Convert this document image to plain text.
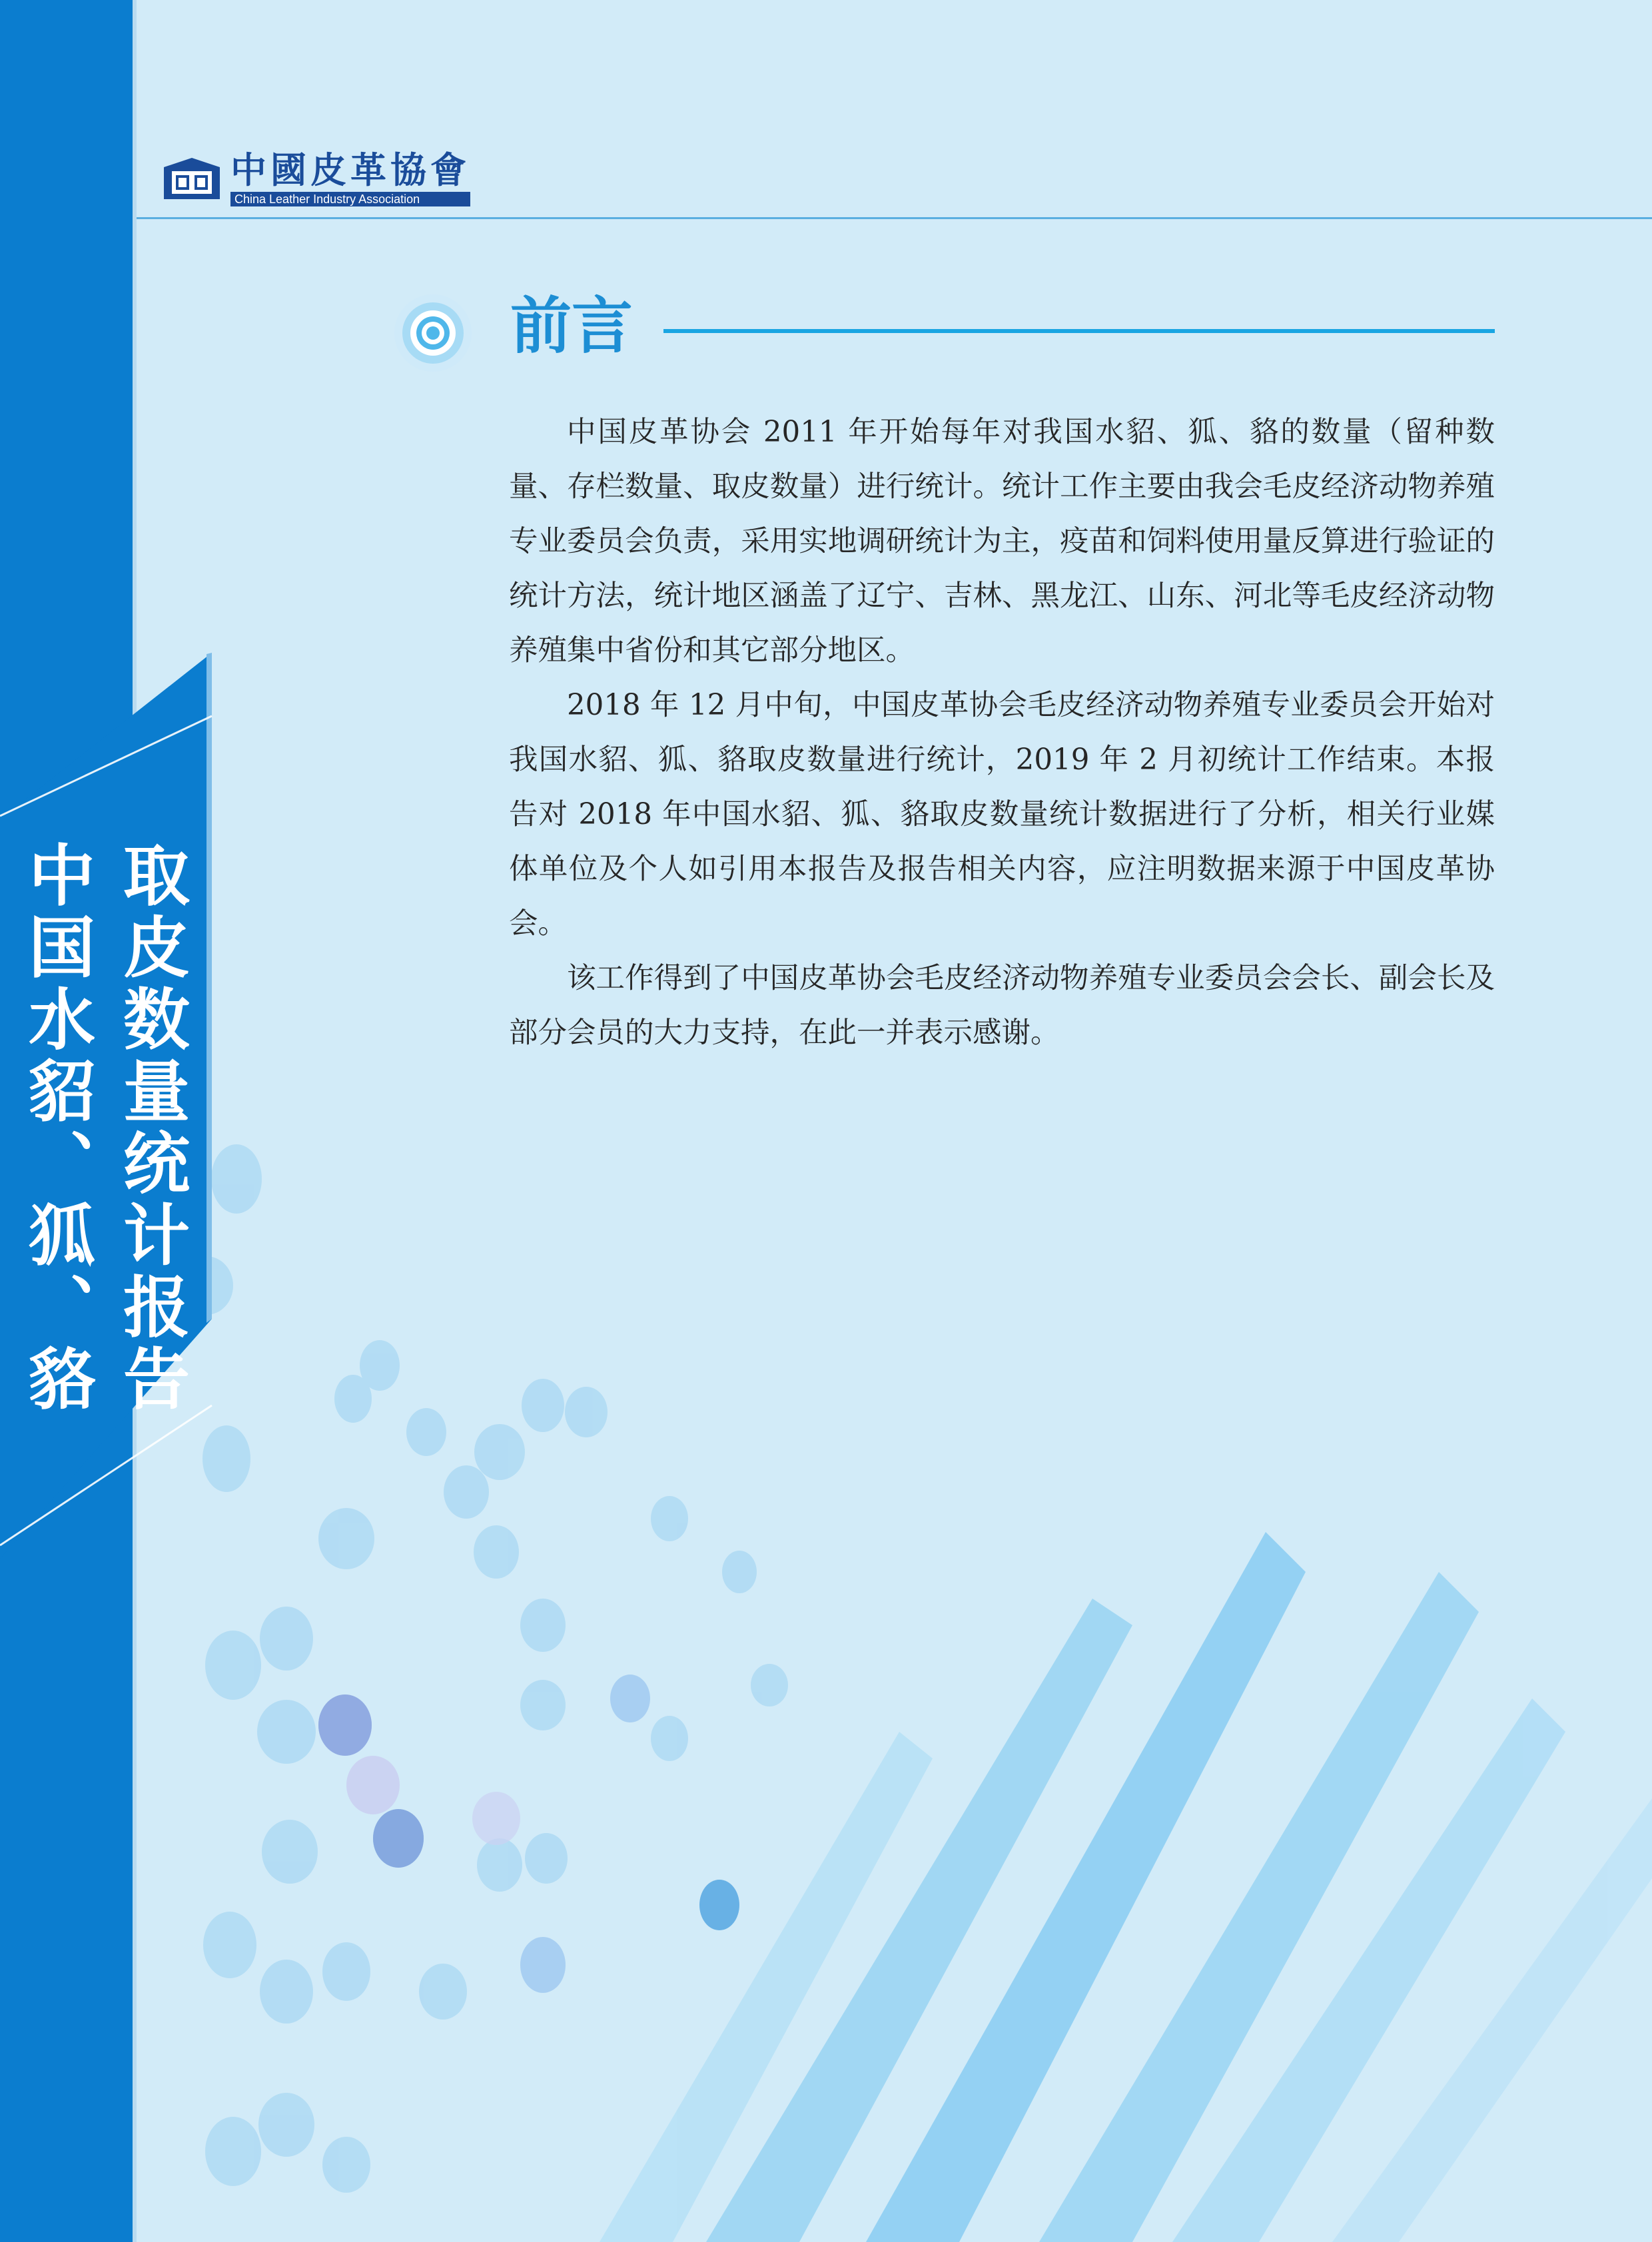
中國皮革協會
China Leather Industry Association
取皮数量统计报告
中国水貂、狐、貉
前言

中国皮革协会 2011 年开始每年对我国水貂、狐、貉的数量（留种数量、存栏数量、取皮数量）进行统计。统计工作主要由我会毛皮经济动物养殖专业委员会负责，采用实地调研统计为主，疫苗和饲料使用量反算进行验证的统计方法，统计地区涵盖了辽宁、吉林、黑龙江、山东、河北等毛皮经济动物养殖集中省份和其它部分地区。

2018 年 12 月中旬，中国皮革协会毛皮经济动物养殖专业委员会开始对我国水貂、狐、貉取皮数量进行统计，2019 年 2 月初统计工作结束。本报告对 2018 年中国水貂、狐、貉取皮数量统计数据进行了分析，相关行业媒体单位及个人如引用本报告及报告相关内容，应注明数据来源于中国皮革协会。

该工作得到了中国皮革协会毛皮经济动物养殖专业委员会会长、副会长及部分会员的大力支持，在此一并表示感谢。
